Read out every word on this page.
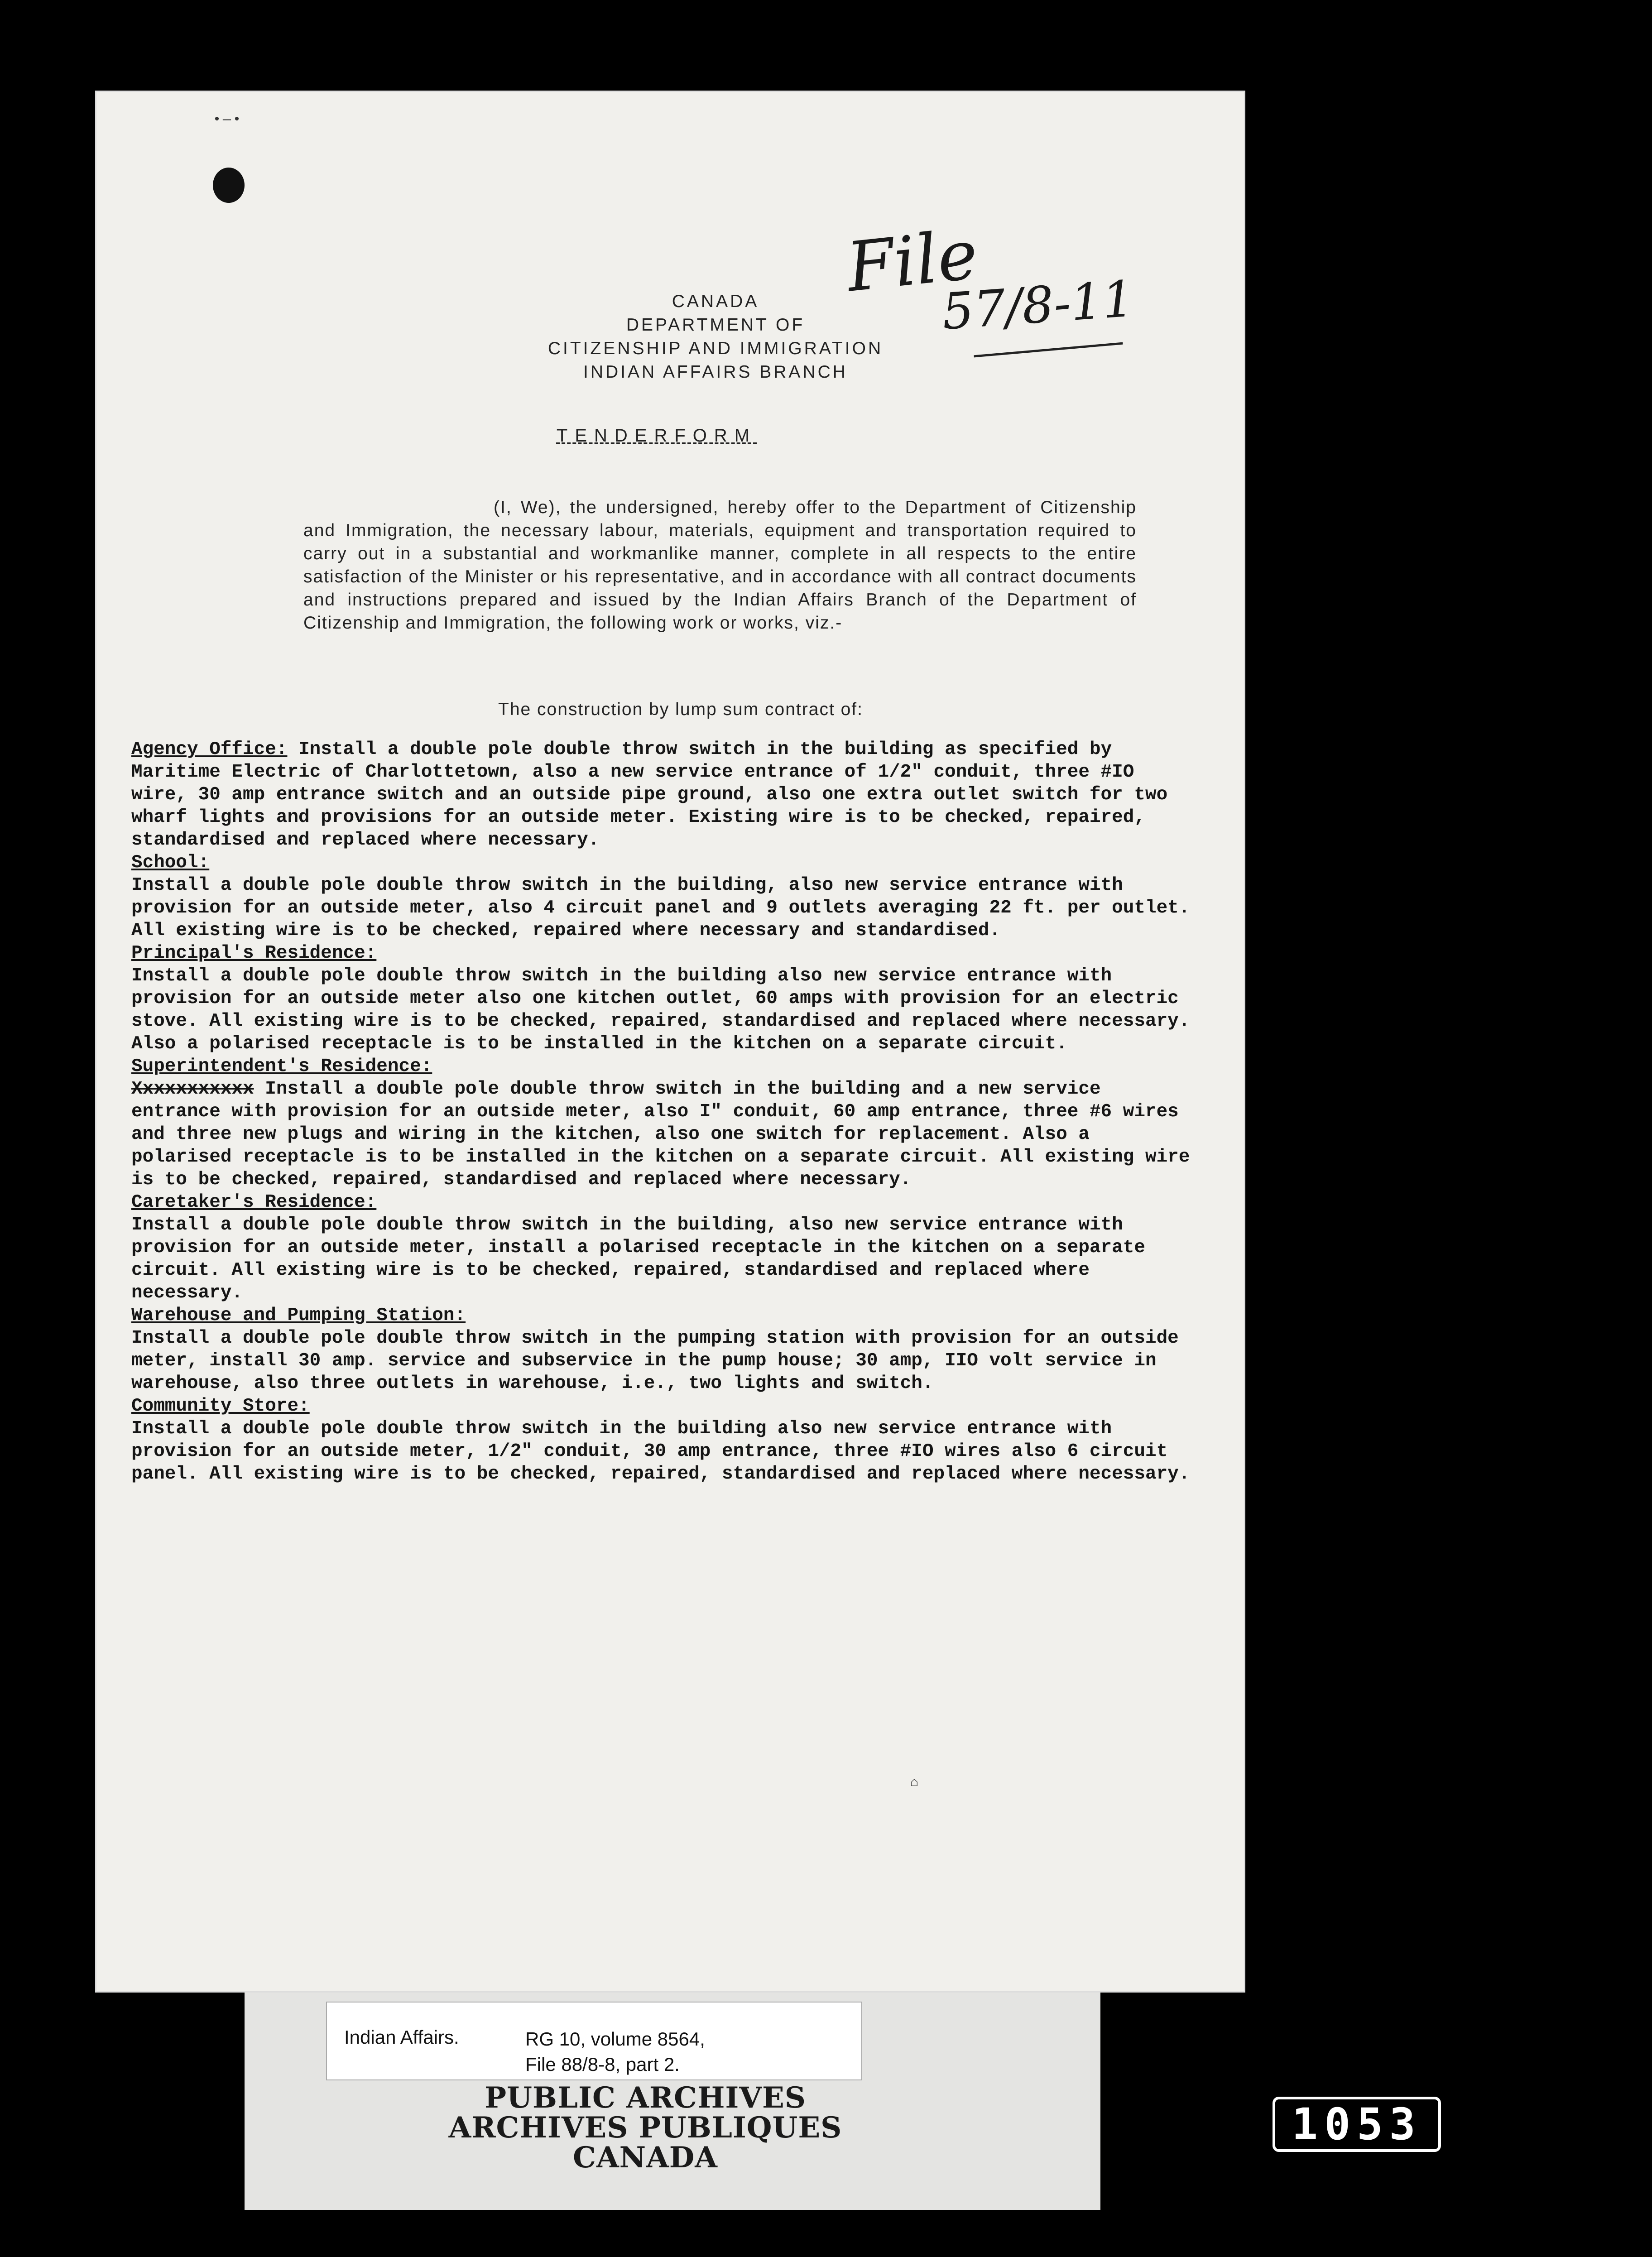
•—•
File
57/8-11
CANADA
DEPARTMENT OF
CITIZENSHIP AND IMMIGRATION
INDIAN AFFAIRS BRANCH
TENDERFORM
(I, We), the undersigned, hereby offer to the Department of Citizenship and Immigration, the necessary labour, materials, equipment and transportation required to carry out in a substantial and workmanlike manner, complete in all respects to the entire satisfaction of the Minister or his representative, and in accordance with all contract documents and instructions prepared and issued by the Indian Affairs Branch of the Department of Citizenship and Immigration, the following work or works, viz.-
The construction by lump sum contract of:
Agency Office: Install a double pole double throw switch in the building as specified by Maritime Electric of Charlottetown, also a new service entrance of 1/2" conduit, three #IO wire, 30 amp entrance switch and an outside pipe ground, also one extra outlet switch for two wharf lights and provisions for an outside meter. Existing wire is to be checked, repaired, standardised and replaced where necessary.
School:
Install a double pole double throw switch in the building, also new service entrance with provision for an outside meter, also 4 circuit panel and 9 outlets averaging 22 ft. per outlet. All existing wire is to be checked, repaired where necessary and standardised.
Principal's Residence:
Install a double pole double throw switch in the building also new service entrance with provision for an outside meter also one kitchen outlet, 60 amps with provision for an electric stove. All existing wire is to be checked, repaired, standardised and replaced where necessary. Also a polarised receptacle is to be installed in the kitchen on a separate circuit.
Superintendent's Residence:
Xxxxxxxxxxx Install a double pole double throw switch in the building and a new service entrance with provision for an outside meter, also I" conduit, 60 amp entrance, three #6 wires and three new plugs and wiring in the kitchen, also one switch for replacement. Also a polarised receptacle is to be installed in the kitchen on a separate circuit. All existing wire is to be checked, repaired, standardised and replaced where necessary.
Caretaker's Residence:
Install a double pole double throw switch in the building, also new service entrance with provision for an outside meter, install a polarised receptacle in the kitchen on a separate circuit. All existing wire is to be checked, repaired, standardised and replaced where necessary.
Warehouse and Pumping Station:
Install a double pole double throw switch in the pumping station with provision for an outside meter, install 30 amp. service and subservice in the pump house; 30 amp, IIO volt service in warehouse, also three outlets in warehouse, i.e., two lights and switch.
Community Store:
Install a double pole double throw switch in the building also new service entrance with provision for an outside meter, 1/2" conduit, 30 amp entrance, three #IO wires also 6 circuit panel. All existing wire is to be checked, repaired, standardised and replaced where necessary.
⌂
Indian Affairs.	RG 10, volume 8564,
File 88/8-8, part 2.
PUBLIC ARCHIVES
ARCHIVES PUBLIQUES
CANADA
1053
